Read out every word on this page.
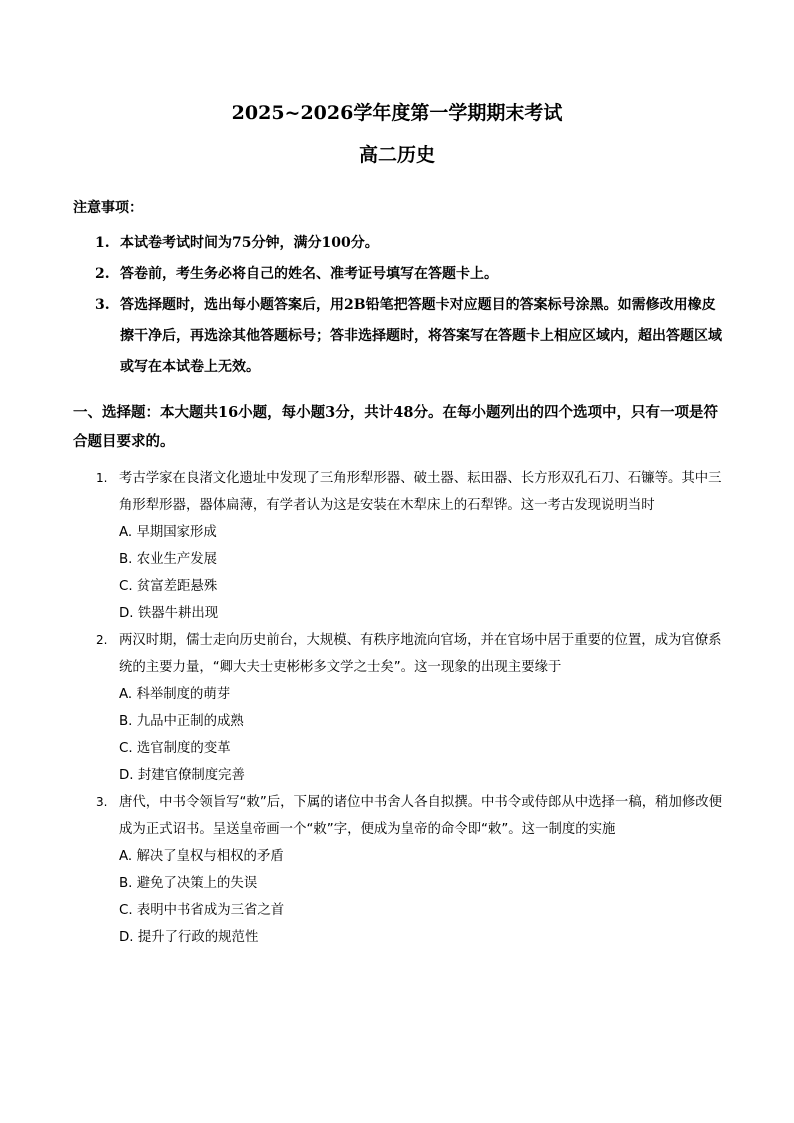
2025~2026学年度第一学期期末考试
高二历史
注意事项：
1. 本试卷考试时间为75分钟，满分100分。
2. 答卷前，考生务必将自己的姓名、准考证号填写在答题卡上。
3. 答选择题时，选出每小题答案后，用2B铅笔把答题卡对应题目的答案标号涂黑。如需修改用橡皮擦干净后，再选涂其他答题标号；答非选择题时，将答案写在答题卡上相应区域内，超出答题区域或写在本试卷上无效。
一、选择题：本大题共16小题，每小题3分，共计48分。在每小题列出的四个选项中，只有一项是符合题目要求的。
1. 考古学家在良渚文化遗址中发现了三角形犁形器、破土器、耘田器、长方形双孔石刀、石镰等。其中三角形犁形器，器体扁薄，有学者认为这是安装在木犁床上的石犁铧。这一考古发现说明当时

A. 早期国家形成
B. 农业生产发展
C. 贫富差距悬殊
D. 铁器牛耕出现
2. 两汉时期，儒士走向历史前台，大规模、有秩序地流向官场，并在官场中居于重要的位置，成为官僚系统的主要力量，“卿大夫士吏彬彬多文学之士矣”。这一现象的出现主要缘于

A. 科举制度的萌芽
B. 九品中正制的成熟
C. 选官制度的变革
D. 封建官僚制度完善
3. 唐代，中书令领旨写“敕”后，下属的诸位中书舍人各自拟撰。中书令或侍郎从中选择一稿，稍加修改便成为正式诏书。呈送皇帝画一个“敕”字，便成为皇帝的命令即“敕”。这一制度的实施

A. 解决了皇权与相权的矛盾
B. 避免了决策上的失误
C. 表明中书省成为三省之首
D. 提升了行政的规范性
